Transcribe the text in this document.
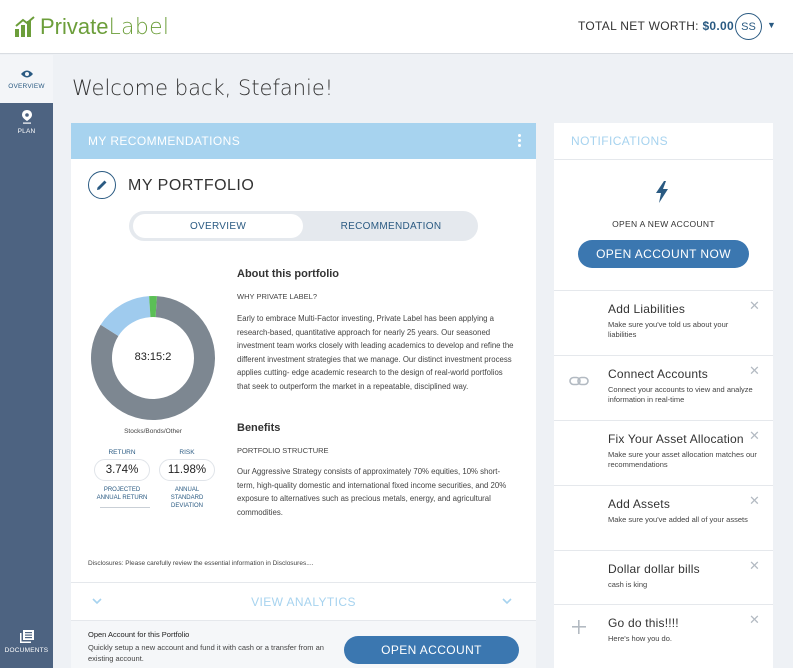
Private Label	TOTAL NET WORTH: $0.00 SS	▼
OVERVIEW
PLAN
DOCUMENTS
Welcome back, Stefanie!
MY RECOMMENDATIONS
MY PORTFOLIO
OVERVIEW	RECOMMENDATION
83:15:2
Stocks/Bonds/Other
RETURN
3.74%
PROJECTED ANNUAL RETURN
RISK
11.98%
ANNUAL STANDARD DEVIATION
About this portfolio
WHY PRIVATE LABEL?
Early to embrace Multi-Factor investing, Private Label has been applying a research-based, quantitative approach for nearly 25 years. Our seasoned investment team works closely with leading academics to develop and refine the different investment strategies that we manage. Our distinct investment process applies cutting- edge academic research to the design of real-world portfolios that seek to outperform the market in a repeatable, disciplined way.
Benefits
PORTFOLIO STRUCTURE
Our Aggressive Strategy consists of approximately 70% equities, 10% short-term, high-quality domestic and international fixed income securities, and 20% exposure to alternatives such as precious metals, energy, and agricultural commodities.
Disclosures: Please carefully review the essential information in Disclosures....
VIEW ANALYTICS
Open Account for this Portfolio
Quickly setup a new account and fund it with cash or a transfer from an existing account.
OPEN ACCOUNT
NOTIFICATIONS
OPEN A NEW ACCOUNT
OPEN ACCOUNT NOW
Add Liabilities
Make sure you've told us about your liabilities
✕
Connect Accounts
Connect your accounts to view and analyze information in real-time
✕
Fix Your Asset Allocation
Make sure your asset allocation matches our recommendations
✕
Add Assets
Make sure you've added all of your assets
✕
Dollar dollar bills
cash is king
✕
Go do this!!!!
Here's how you do.
✕
